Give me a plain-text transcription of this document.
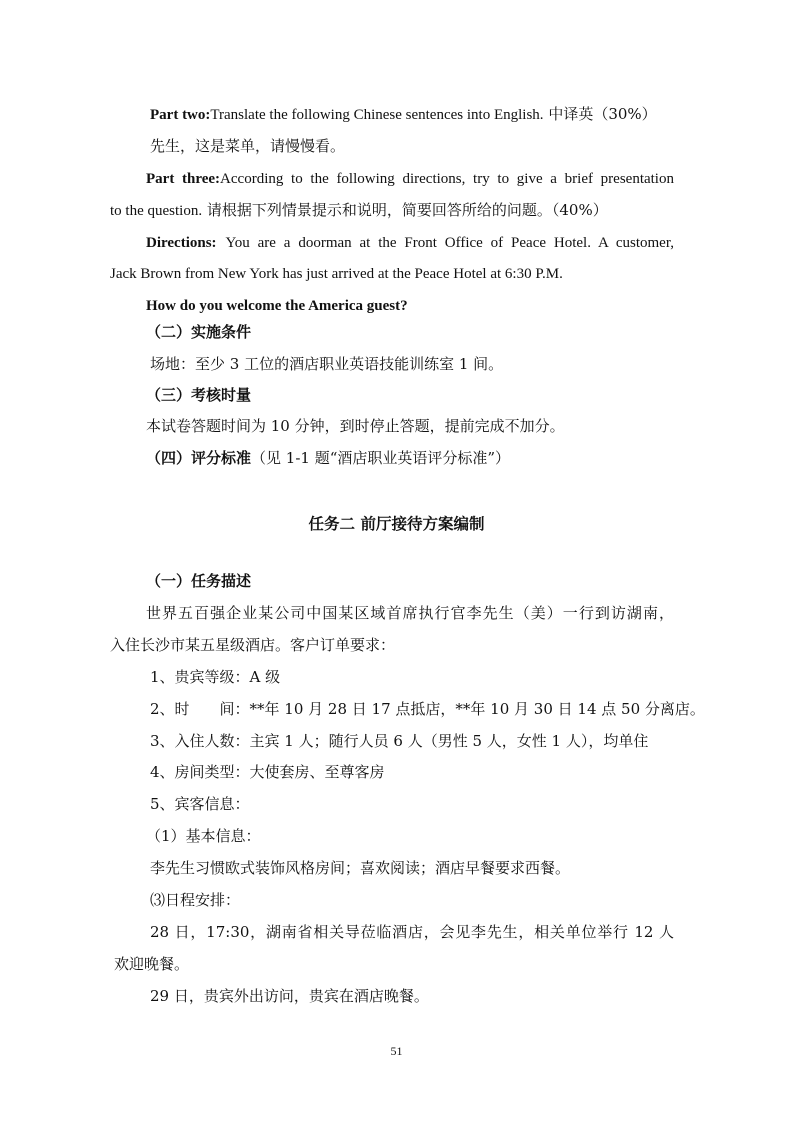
Part two:Translate the following Chinese sentences into English. 中译英（30%）
先生，这是菜单，请慢慢看。
Part three:According to the following directions, try to give a brief presentation
to the question. 请根据下列情景提示和说明，简要回答所给的问题。（40%）
Directions: You are a doorman at the Front Office of Peace Hotel. A customer,
Jack Brown from New York has just arrived at the Peace Hotel at 6:30 P.M.
How do you welcome the America guest?
（二）实施条件
场地：至少 3 工位的酒店职业英语技能训练室 1 间。
（三）考核时量
本试卷答题时间为 10 分钟，到时停止答题，提前完成不加分。
（四）评分标准（见 1-1 题“酒店职业英语评分标准”）
任务二 前厅接待方案编制
（一）任务描述
世界五百强企业某公司中国某区域首席执行官李先生（美）一行到访湖南，
入住长沙市某五星级酒店。客户订单要求：
1、贵宾等级：A 级
2、时　　间：**年 10 月 28 日 17 点抵店，**年 10 月 30 日 14 点 50 分离店。
3、入住人数：主宾 1 人；随行人员 6 人（男性 5 人，女性 1 人），均单住
4、房间类型：大使套房、至尊客房
5、宾客信息：
（1）基本信息：
李先生习惯欧式装饰风格房间；喜欢阅读；酒店早餐要求西餐。
⑶日程安排：
28 日，17:30，湖南省相关导莅临酒店，会见李先生，相关单位举行 12 人
欢迎晚餐。
29 日，贵宾外出访问，贵宾在酒店晚餐。
51
